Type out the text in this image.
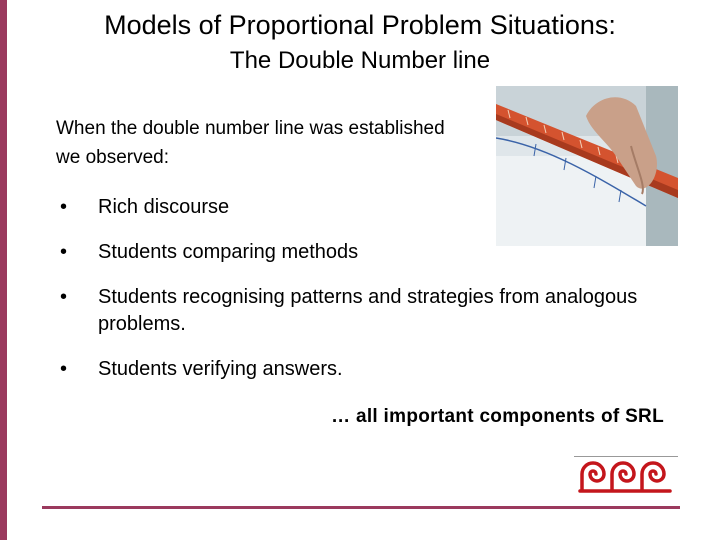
Models of Proportional Problem Situations:
The Double Number line
When the double number line was established we observed:
• Rich discourse
• Students comparing methods
• Students recognising patterns and strategies from analogous problems.
• Students verifying answers.
… all important components of SRL
